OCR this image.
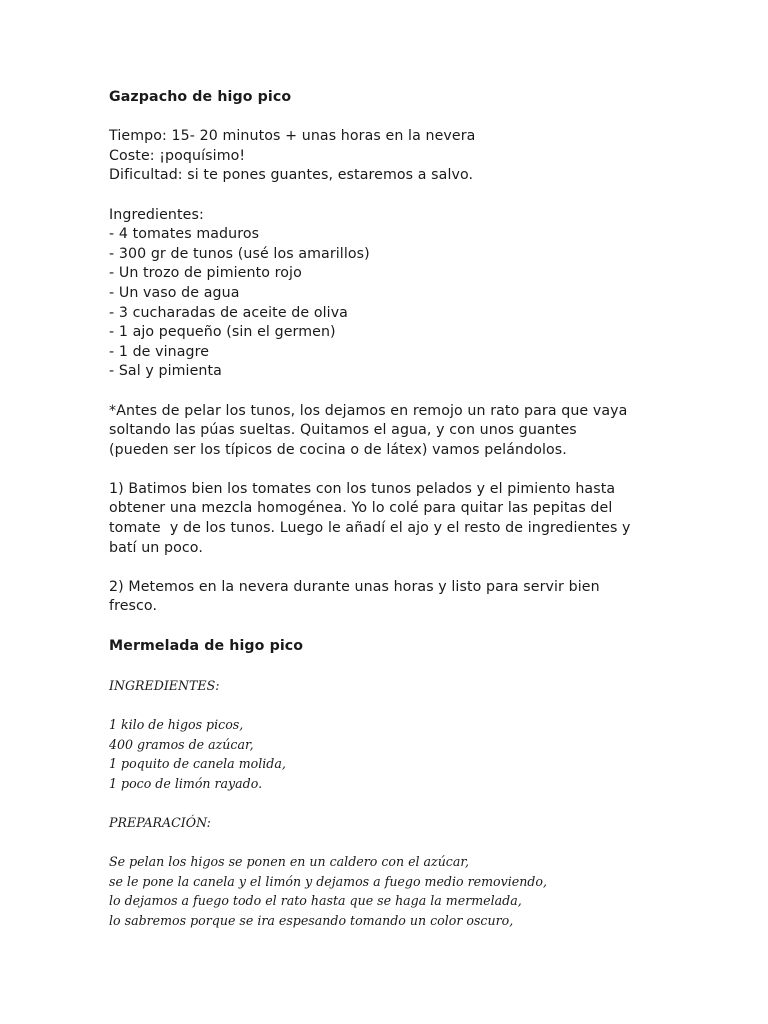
Gazpacho de higo pico
Tiempo: 15- 20 minutos + unas horas en la nevera
Coste: ¡poquísimo!
Dificultad: si te pones guantes, estaremos a salvo.
Ingredientes:
- 4 tomates maduros
- 300 gr de tunos (usé los amarillos)
- Un trozo de pimiento rojo
- Un vaso de agua
- 3 cucharadas de aceite de oliva
- 1 ajo pequeño (sin el germen)
- 1 de vinagre
- Sal y pimienta
*Antes de pelar los tunos, los dejamos en remojo un rato para que vaya
soltando las púas sueltas. Quitamos el agua, y con unos guantes
(pueden ser los típicos de cocina o de látex) vamos pelándolos.
1) Batimos bien los tomates con los tunos pelados y el pimiento hasta
obtener una mezcla homogénea. Yo lo colé para quitar las pepitas del
tomate  y de los tunos. Luego le añadí el ajo y el resto de ingredientes y
batí un poco.
2) Metemos en la nevera durante unas horas y listo para servir bien
fresco.
Mermelada de higo pico
INGREDIENTES:
1 kilo de higos picos,
400 gramos de azúcar,
1 poquito de canela molida,
1 poco de limón rayado.
PREPARACIÓN:
Se pelan los higos se ponen en un caldero con el azúcar,
se le pone la canela y el limón y dejamos a fuego medio removiendo,
lo dejamos a fuego todo el rato hasta que se haga la mermelada,
lo sabremos porque se ira espesando tomando un color oscuro,
